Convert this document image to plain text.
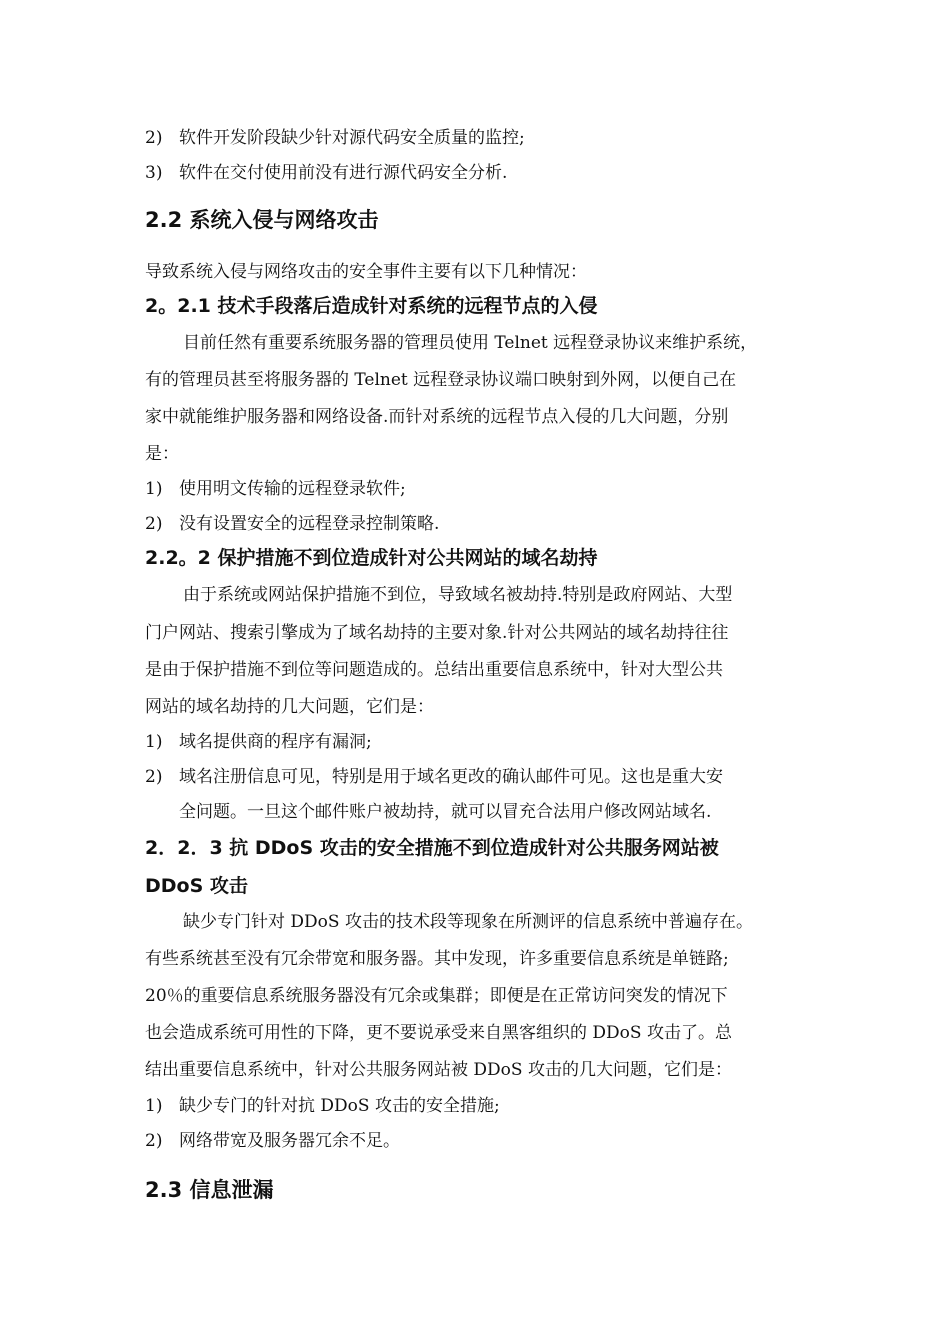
2) 软件开发阶段缺少针对源代码安全质量的监控;
3) 软件在交付使用前没有进行源代码安全分析.
2.2 系统入侵与网络攻击
导致系统入侵与网络攻击的安全事件主要有以下几种情况：
2。2.1 技术手段落后造成针对系统的远程节点的入侵
目前任然有重要系统服务器的管理员使用 Telnet 远程登录协议来维护系统，
有的管理员甚至将服务器的 Telnet 远程登录协议端口映射到外网，以便自己在
家中就能维护服务器和网络设备.而针对系统的远程节点入侵的几大问题，分别
是：
1) 使用明文传输的远程登录软件;
2) 没有设置安全的远程登录控制策略.
2.2。2 保护措施不到位造成针对公共网站的域名劫持
由于系统或网站保护措施不到位，导致域名被劫持.特别是政府网站、大型
门户网站、搜索引擎成为了域名劫持的主要对象.针对公共网站的域名劫持往往
是由于保护措施不到位等问题造成的。总结出重要信息系统中，针对大型公共
网站的域名劫持的几大问题，它们是：
1) 域名提供商的程序有漏洞;
2) 域名注册信息可见，特别是用于域名更改的确认邮件可见。这也是重大安
全问题。一旦这个邮件账户被劫持，就可以冒充合法用户修改网站域名.
2．2．3 抗 DDoS 攻击的安全措施不到位造成针对公共服务网站被
DDoS 攻击
缺少专门针对 DDoS 攻击的技术段等现象在所测评的信息系统中普遍存在。
有些系统甚至没有冗余带宽和服务器。其中发现，许多重要信息系统是单链路;
20％的重要信息系统服务器没有冗余或集群；即便是在正常访问突发的情况下
也会造成系统可用性的下降，更不要说承受来自黑客组织的 DDoS 攻击了。总
结出重要信息系统中，针对公共服务网站被 DDoS 攻击的几大问题，它们是：
1) 缺少专门的针对抗 DDoS 攻击的安全措施;
2) 网络带宽及服务器冗余不足。
2.3 信息泄漏
